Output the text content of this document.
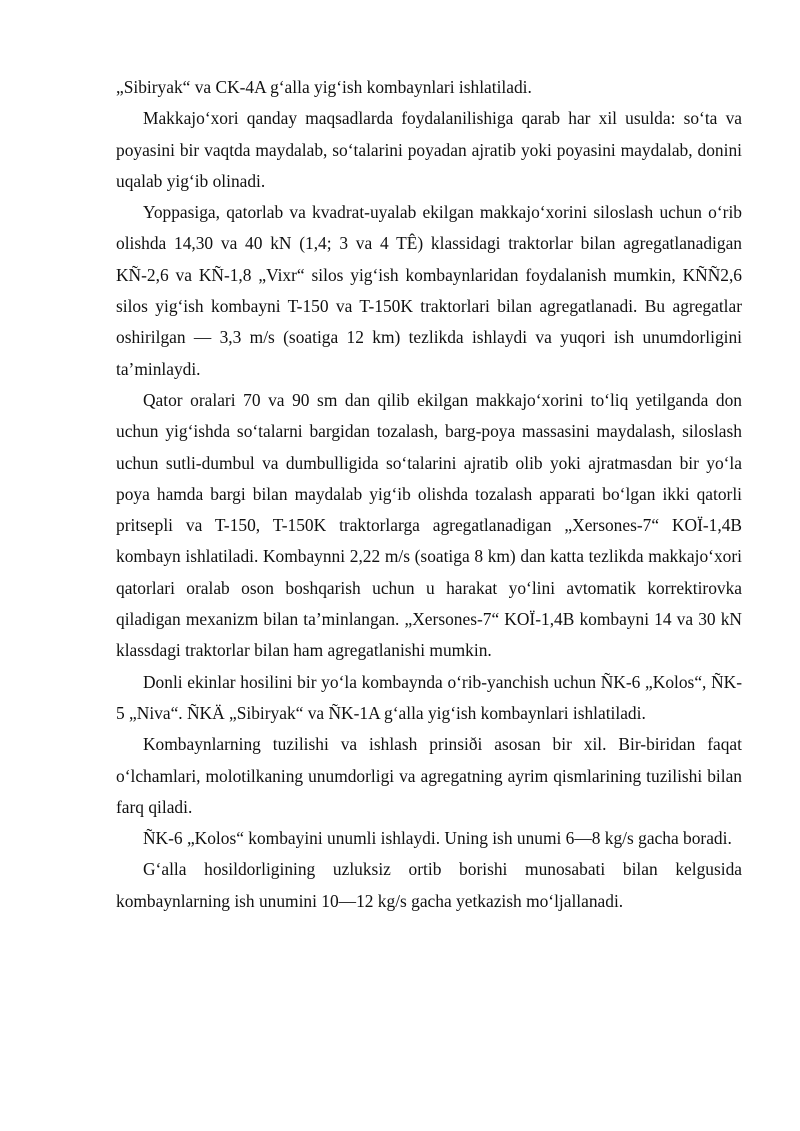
„Sibiryak“ va CK-4A g‘alla yig‘ish kombaynlari ishlatiladi.

Makkajo‘xori qanday maqsadlarda foydalanilishiga qarab har xil usulda: so‘ta va poyasini bir vaqtda maydalab, so‘talarini poyadan ajratib yoki poyasini maydalab, donini uqalab yig‘ib olinadi.

Yoppasiga, qatorlab va kvadrat-uyalab ekilgan makkajo‘xorini siloslash uchun o‘rib olishda 14,30 va 40 kN (1,4; 3 va 4 TÊ) klassidagi traktorlar bilan agregatlanadigan KÑ-2,6 va KÑ-1,8 „Vixr“ silos yig‘ish kombaynlaridan foydalanish mumkin, KÑÑ2,6 silos yig‘ish kombayni T-150 va T-150K traktorlari bilan agregatlanadi. Bu agregatlar oshirilgan — 3,3 m/s (soatiga 12 km) tezlikda ishlaydi va yuqori ish unumdorligini ta’minlaydi.

Qator oralari 70 va 90 sm dan qilib ekilgan makkajo‘xorini to‘liq yetilganda don uchun yig‘ishda so‘talarni bargidan tozalash, barg-poya massasini maydalash, siloslash uchun sutli-dumbul va dumbulligida so‘talarini ajratib olib yoki ajratmasdan bir yo‘la poya hamda bargi bilan maydalab yig‘ib olishda tozalash apparati bo‘lgan ikki qatorli pritsepli va T-150, T-150K traktorlarga agregatlanadigan „Xersones-7“ KOÏ-1,4B kombayn ishlatiladi. Kombaynni 2,22 m/s (soatiga 8 km) dan katta tezlikda makkajo‘xori qatorlari oralab oson boshqarish uchun u harakat yo‘lini avtomatik korrektirovka qiladigan mexanizm bilan ta’minlangan. „Xersones-7“ KOÏ-1,4B kombayni 14 va 30 kN klassdagi traktorlar bilan ham agregatlanishi mumkin.

Donli ekinlar hosilini bir yo‘la kombaynda o‘rib-yanchish uchun ÑK-6 „Kolos“, ÑK-5 „Niva“. ÑKÄ „Sibiryak“ va ÑK-1A g‘alla yig‘ish kombaynlari ishlatiladi.

Kombaynlarning tuzilishi va ishlash prinsiði asosan bir xil. Bir-biridan faqat o‘lchamlari, molotilkaning unumdorligi va agregatning ayrim qismlarining tuzilishi bilan farq qiladi.

ÑK-6 „Kolos“ kombayini unumli ishlaydi. Uning ish unumi 6—8 kg/s gacha boradi.

G‘alla hosildorligining uzluksiz ortib borishi munosabati bilan kelgusida kombaynlarning ish unumini 10—12 kg/s gacha yetkazish mo‘ljallanadi.
